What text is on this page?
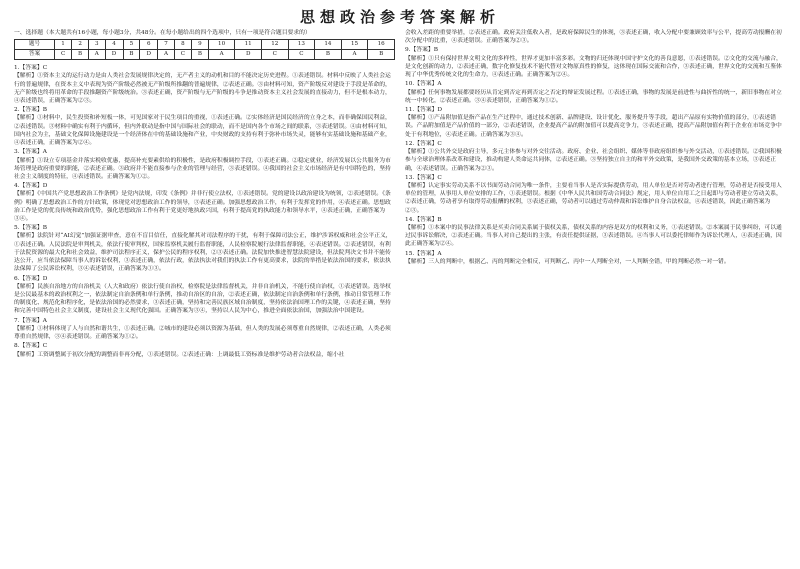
思想政治参考答案解析
一、选择题（本大题共有16小题，每小题3分，共48分。在每小题给出的四个选项中，只有一项是符合题目要求的）
题号	1	2	3	4	5	6	7	8	9	10	11	12	13	14	15	16
答案	C	B	A	D	B	D	A	C	B	A	D	C	C	B	A	B
1.【答案】C
【解析】①资本主义的运行动力是由人类社会发展规律决定的，无产者主义的动机和目的不能决定历史进程。①表述错误。材料中反映了人类社会运行的普遍规律，在资本主义中表现为资产阶级必然被无产阶级所推翻的普遍规律，②表述正确。③由材料可知，资产阶级反对建设于手段是革命的，无产阶级也终将用革命的手段推翻资产阶级统治。③表述正确，资产阶级与无产阶级的斗争是推动资本主义社会发展的直接动力，但不是根本动力，④表述错误，正确答案为②③。
2.【答案】B
【解析】①材料中，民生投资和补短板一体，可见国家对于民生项目的重视，①表述正确。②实体经济是国民经济的立身之本，而非确保国民利益，②表述错误。③材料中确实有利于内循环，但内外联动是指中国与国际社会的联动，而不是国内各个市场之间的联系，③表述错误。④由材料可知，国内社会为主，基础文化保障设施建设是一个经济体在中的基础设施和产业，中央财政的支持有利于弥补市场失灵，能够有实基础设施和基础产业，④表述正确，正确答案为②④。
3.【答案】A
【解析】①设立专项基金并落实税收优惠，提高补充要素供给的积极性，是政府积极调控手段，①表述正确。②稳定就业，经济发展以公共服务为市场管理是政府重要的职能，②表述正确。③政府并不能直接参与企业的管理与经营，③表述错误。④我国的社会主义市场经济是有中国特色的，坚持社会主义制度的特征，④表述错误。正确答案为①②。
4.【答案】D
【解析】《中国共产党思想政治工作条例》是党内法规，印发《条例》并非行使立法权，①表述错误。党的建设以政治建设为统领，②表述错误。《条例》明确了思想政治工作的方针政策，体现党对思想政治工作的领导，③表述正确。加强思想政治工作，有利于发挥党的作用，④表述正确。思想政治工作是党的优良传统和政治优势，强化思想政治工作有利于党更好地执政兴国，有利于提高党的执政能力和领导水平，④表述正确，正确答案为③④。
5.【答案】B
【解析】法院针对“AI幻觉”加强证据审查，意在不盲目信任，直接化解其对司法程序的干扰，有利于保障司法公正，维护涉诉权威和社会公平正义，①表述正确。人民法院是审判机关，依法行使审判权，国家监察机关履行监督职能，人民检察院履行法律监督职能，④表述错误。②表述错误，有利于法院资源的最大化和社会效益，维护司法程序正义，保护公民的程序权利，②③表述正确。法院加快推进智慧法院建设，但法院判决文书并不能传达公开，应当依法保障当事人的诉讼权利，③表述正确，依法行政，依法执法对我们的执法工作有更高要求，法院的举措是依法治国的要求，依法执法保障了公民诉讼权利，③④表述错误，正确答案为①③。
6.【答案】D
【解析】民族自治地方的自治机关（人大和政府）依法行使自治权，检察院是法律监督机关，并非自治机关，不能行使自治权，①表述错误。选举权是公民最基本的政治权利之一，依法制定自治条例和单行条例，推动自治区的自治，②表述正确，依法制定自治条例和单行条例，推动日常管理工作的制度化、规范化和程序化，是依法治国的必然要求，③表述正确，坚持和完善民族区域自治制度，坚持依法治国理工作的关键，④表述正确，坚持和完善中国特色社会主义制度，建设社会主义现代化强国。正确答案为③④，坚持以人民为中心，推进全面依法治国，加强法治中国建设。
7.【答案】A
【解析】①材料体现了人与自然和谐共生，①表述正确。②城市的建设必须以资源为基础，但人类的发展必须尊重自然规律，②表述正确，人类必须尊重自然规律，③④表述错误。正确答案为①②。
8.【答案】C
【解析】工资调整属于初次分配的调整而非再分配，①表述错误。②表述正确：上调最低工资标准是维护劳动者合法权益，缩小社
会收入差距的重要举措，②表述正确。政府关注低收入者，是政府保障民生的体现，③表述正确，收入分配中要兼顾效率与公平，提高劳动报酬在初次分配中的比重，④表述错误。正确答案为②③。
9.【答案】B
【解析】①只有保持世界文明文化的多样性，世界才更加丰富多彩。文物的归还体现中国守护文化的善良意愿，①表述错误。②文化的交流与融合，是文化创新的动力，②表述正确，数字化修复技术不能代替对文物原真性的修复，这体现在国际交流和合作，③表述正确，世界文化的交流和互鉴体现了中华优秀传统文化的生命力，④表述正确。正确答案为②④。
10.【答案】A
【解析】任何事物发展都要经历从肯定到否定再到否定之否定的辩证发展过程。①表述正确，事物的发展是前进性与曲折性的统一，新旧事物在对立统一中转化，②表述正确。③④表述错误，正确答案为①②。
11.【答案】D
【解析】①产品附加值是指产品在生产过程中，通过技术创新、品牌建设、设计优化、服务提升等手段，超出产品原有实物价值的部分，①表述错误。产品附加值是产品价值的一部分，②表述错误，企业提高产品的附加值可以提高竞争力，③表述正确，提高产品附加值有利于企业在市场竞争中处于有利地位，④表述正确。正确答案为③④。
12.【答案】C
【解析】①公共外交是政府主导，多元主体参与对外交往活动。政府、企业、社会组织、媒体等非政府组织参与外交活动，①表述错误。②我国积极参与全球治理体系改革和建设，推动构建人类命运共同体，②表述正确。③坚持独立自主的和平外交政策，是我国外交政策的基本立场，③表述正确，④表述错误。正确答案为②③。
13.【答案】C
【解析】认定事实劳动关系不以书面劳动合同为唯一条件，主要看当事人是否实际提供劳动，用人单位是否对劳动者进行管理，劳动者是否接受用人单位的管理，从事用人单位安排的工作，①表述错误。根据《中华人民共和国劳动合同法》规定，用人单位自用工之日起即与劳动者建立劳动关系，②表述正确，劳动者享有取得劳动报酬的权利，③表述正确，劳动者可以通过劳动仲裁和诉讼维护自身合法权益，④表述错误，因此正确答案为②③。
14.【答案】B
【解析】①本案中的民事法律关系是买卖合同关系属于债权关系，债权关系的内容是双方的权利和义务，①表述错误。②本案属于民事纠纷，可以通过民事诉讼解决，②表述正确。当事人对自己提出的主张，有责任提供证据，③表述错误。④当事人可以委托律师作为诉讼代理人，④表述正确，因此正确答案为②④。
15.【答案】A
【解析】三人的判断中，根据乙、丙的判断完全相反，可判断乙、丙中一人判断全对，一人判断全错，甲的判断必然一对一错。
